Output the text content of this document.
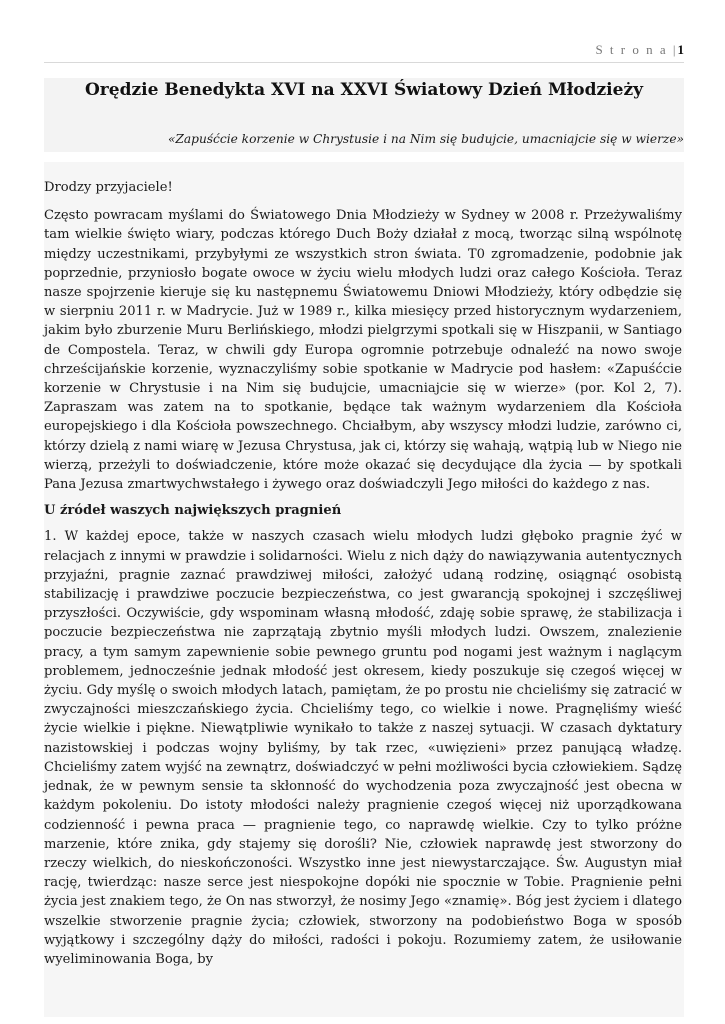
S t r o n a |1
Orędzie Benedykta XVI na XXVI Światowy Dzień Młodzieży
«Zapuśćcie korzenie w Chrystusie i na Nim się budujcie, umacniajcie się w wierze»

Drodzy przyjaciele!

Często powracam myślami do Światowego Dnia Młodzieży w Sydney w 2008 r. Przeżywaliśmy tam wielkie święto wiary, podczas którego Duch Boży działał z mocą, tworząc silną wspólnotę między uczestnikami, przybyłymi ze wszystkich stron świata. T0 zgromadzenie, podobnie jak poprzednie, przyniosło bogate owoce w życiu wielu młodych ludzi oraz całego Kościoła. Teraz nasze spojrzenie kieruje się ku następnemu Światowemu Dniowi Młodzieży, który odbędzie się w sierpniu 2011 r. w Madrycie. Już w 1989 r., kilka miesięcy przed historycznym wydarzeniem, jakim było zburzenie Muru Berlińskiego, młodzi pielgrzymi spotkali się w Hiszpanii, w Santiago de Compostela. Teraz, w chwili gdy Europa ogromnie potrzebuje odnaleźć na nowo swoje chrześcijańskie korzenie, wyznaczyliśmy sobie spotkanie w Madrycie pod hasłem: «Zapuśćcie korzenie w Chrystusie i na Nim się budujcie, umacniajcie się w wierze» (por. Kol 2, 7). Zapraszam was zatem na to spotkanie, będące tak ważnym wydarzeniem dla Kościoła europejskiego i dla Kościoła powszechnego. Chciałbym, aby wszyscy młodzi ludzie, zarówno ci, którzy dzielą z nami wiarę w Jezusa Chrystusa, jak ci, którzy się wahają, wątpią lub w Niego nie wierzą, przeżyli to doświadczenie, które może okazać się decydujące dla życia — by spotkali Pana Jezusa zmartwychwstałego i żywego oraz doświadczyli Jego miłości do każdego z nas.

U źródeł waszych największych pragnień

1. W każdej epoce, także w naszych czasach wielu młodych ludzi głęboko pragnie żyć w relacjach z innymi w prawdzie i solidarności. Wielu z nich dąży do nawiązywania autentycznych przyjaźni, pragnie zaznać prawdziwej miłości, założyć udaną rodzinę, osiągnąć osobistą stabilizację i prawdziwe poczucie bezpieczeństwa, co jest gwarancją spokojnej i szczęśliwej przyszłości. Oczywiście, gdy wspominam własną młodość, zdaję sobie sprawę, że stabilizacja i poczucie bezpieczeństwa nie zaprzątają zbytnio myśli młodych ludzi. Owszem, znalezienie pracy, a tym samym zapewnienie sobie pewnego gruntu pod nogami jest ważnym i naglącym problemem, jednocześnie jednak młodość jest okresem, kiedy poszukuje się czegoś więcej w życiu. Gdy myślę o swoich młodych latach, pamiętam, że po prostu nie chcieliśmy się zatracić w zwyczajności mieszczańskiego życia. Chcieliśmy tego, co wielkie i nowe. Pragnęliśmy wieść życie wielkie i piękne. Niewątpliwie wynikało to także z naszej sytuacji. W czasach dyktatury nazistowskiej i podczas wojny byliśmy, by tak rzec, «uwięzieni» przez panującą władzę. Chcieliśmy zatem wyjść na zewnątrz, doświadczyć w pełni możliwości bycia człowiekiem. Sądzę jednak, że w pewnym sensie ta skłonność do wychodzenia poza zwyczajność jest obecna w każdym pokoleniu. Do istoty młodości należy pragnienie czegoś więcej niż uporządkowana codzienność i pewna praca — pragnienie tego, co naprawdę wielkie. Czy to tylko próżne marzenie, które znika, gdy stajemy się dorośli? Nie, człowiek naprawdę jest stworzony do rzeczy wielkich, do nieskończoności. Wszystko inne jest niewystarczające. Św. Augustyn miał rację, twierdząc: nasze serce jest niespokojne dopóki nie spocznie w Tobie. Pragnienie pełni życia jest znakiem tego, że On nas stworzył, że nosimy Jego «znamię». Bóg jest życiem i dlatego wszelkie stworzenie pragnie życia; człowiek, stworzony na podobieństwo Boga w sposób wyjątkowy i szczególny dąży do miłości, radości i pokoju. Rozumiemy zatem, że usiłowanie wyeliminowania Boga, by
